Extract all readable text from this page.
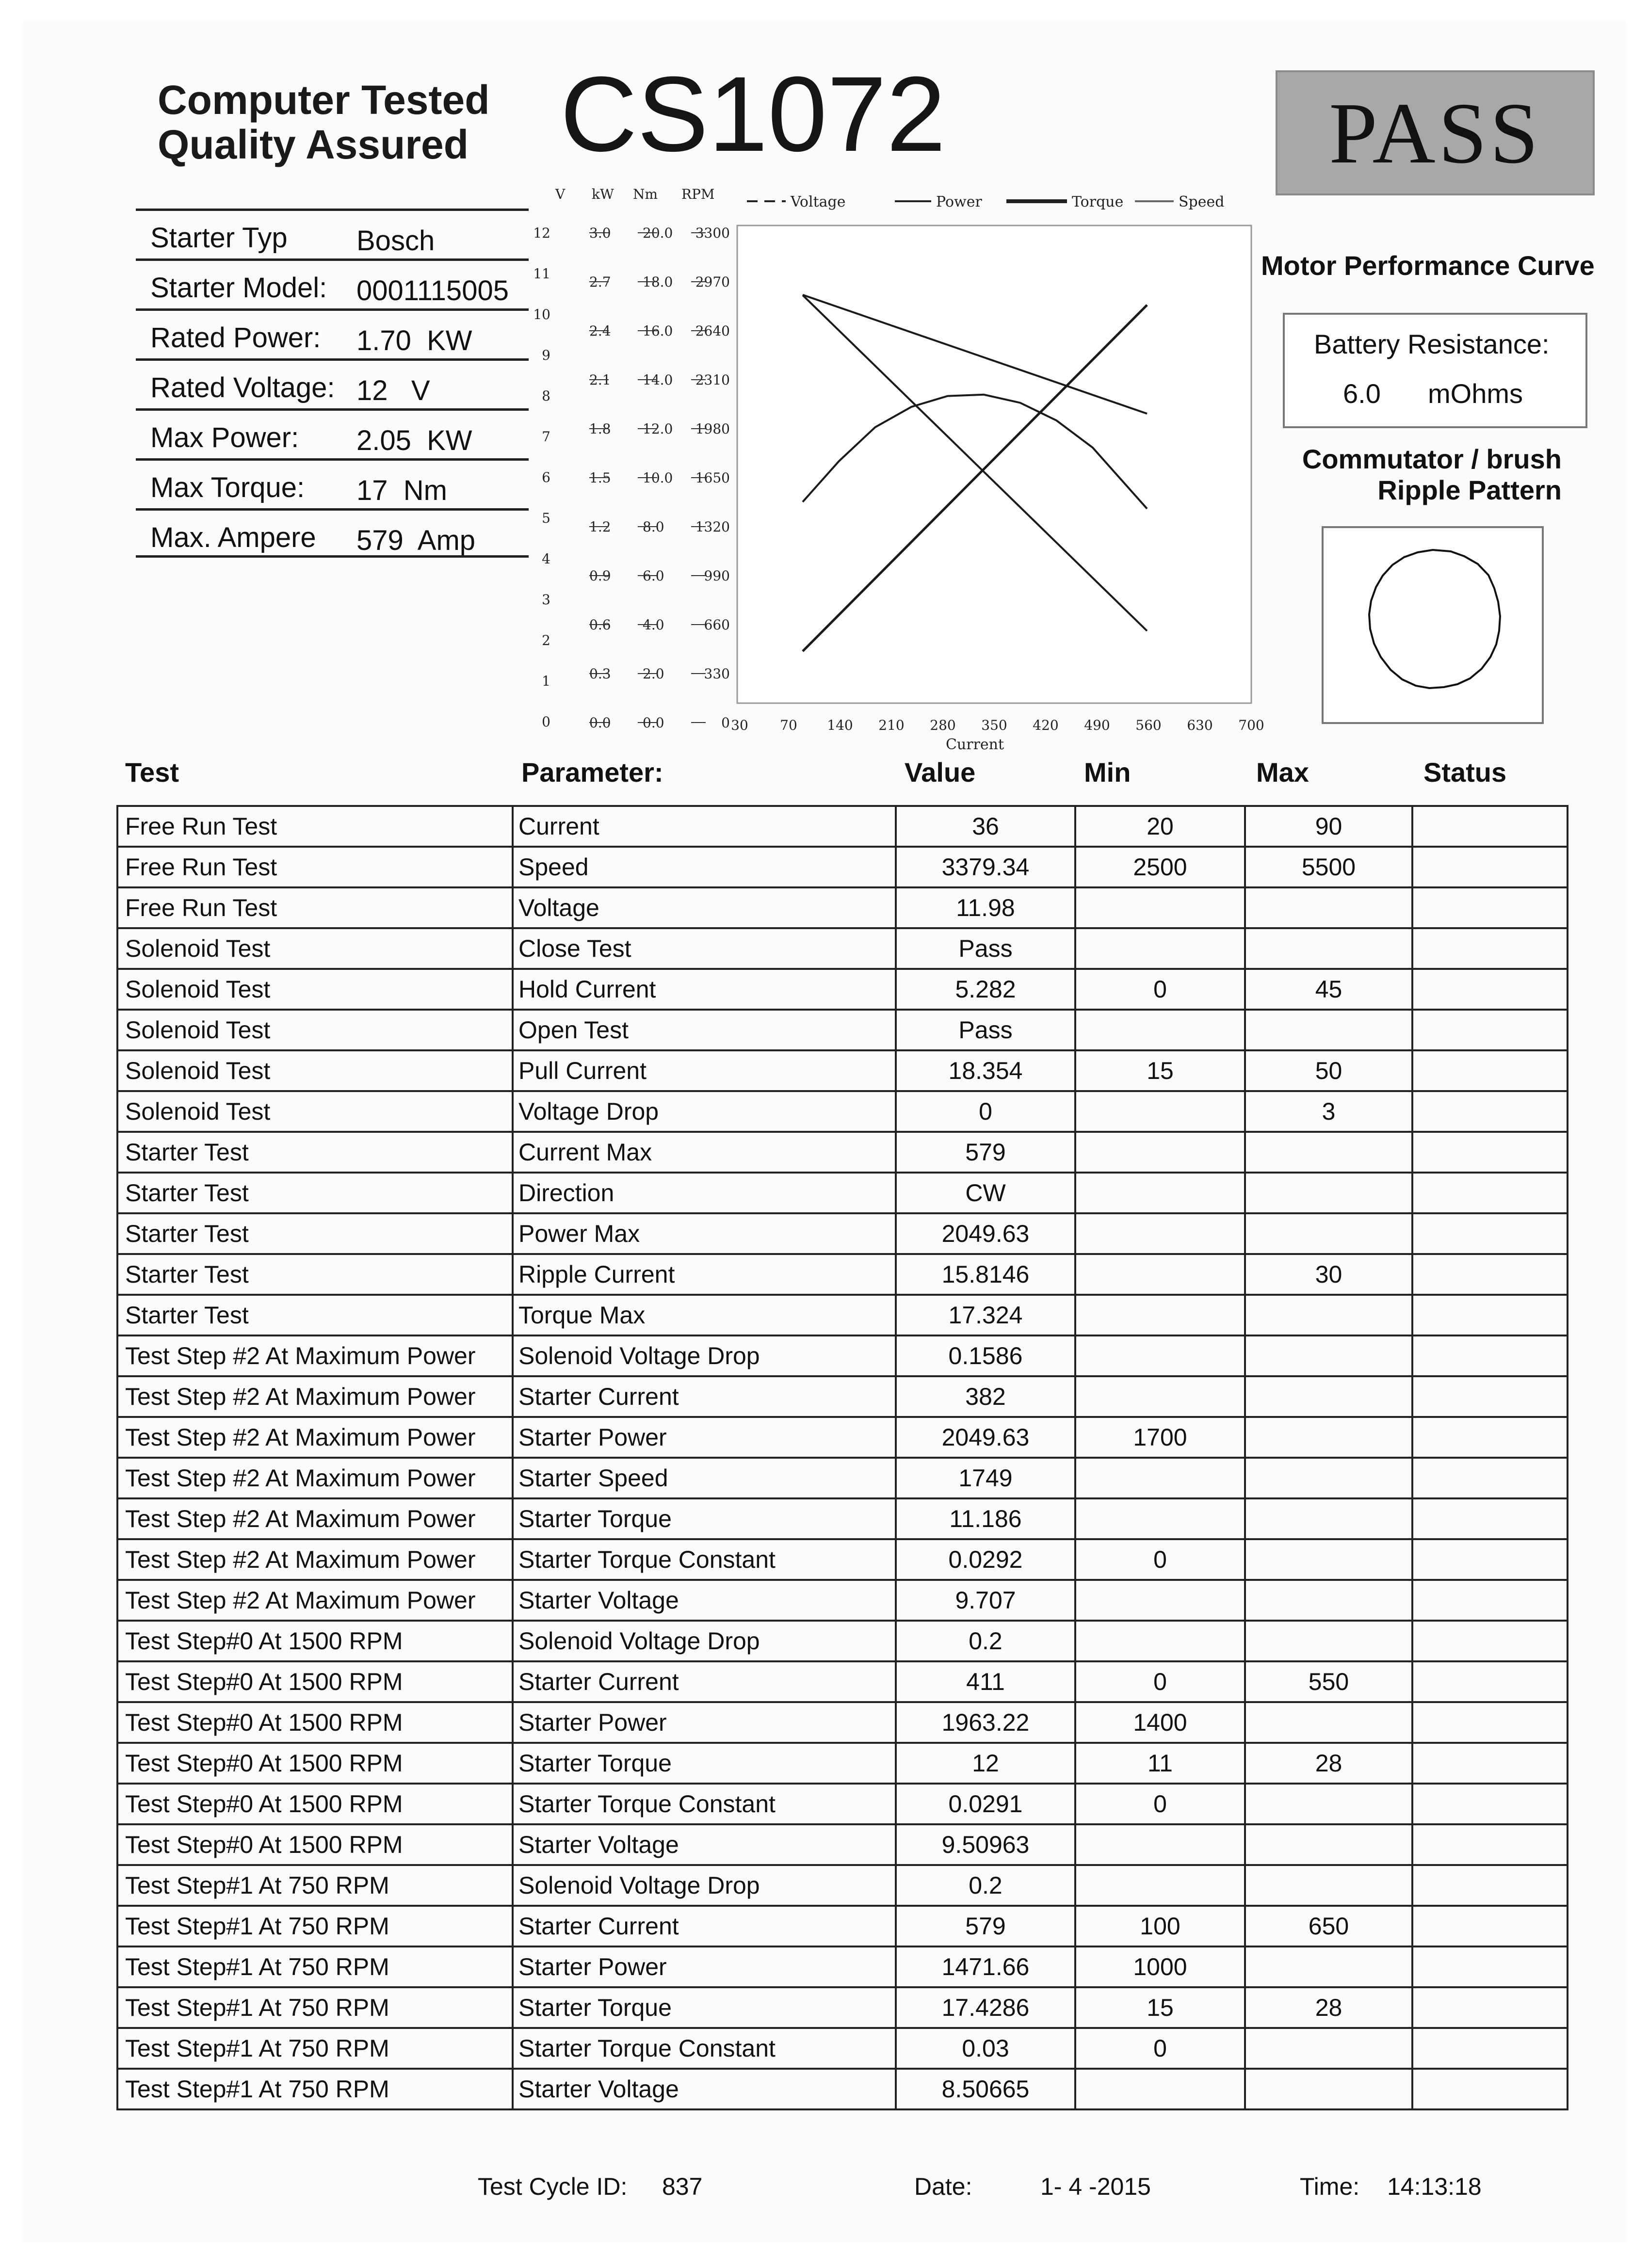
Computer Tested
Quality Assured CS1072	PASS
Starter Typ Bosch
Starter Model: 0001115005
Rated Power: 1.70  KW
Rated Voltage: 12   V
Max Power: 2.05  KW
Max Torque: 17  Nm
Max. Ampere 579  Amp
V kW Nm RPM	Voltage	Power	Torque	Speed
3.0
2.7
2.4
2.1
1.8
1.5
1.2
0.9
0.6
0.3
0.0
20.0
18.0
16.0
14.0
12.0
10.0
8.0
6.0
4.0
2.0
0.0
3300
2970
2640
2310
1980
1650
1320
990
660
330
0
12
11
10
9
8
7
6
5
4
3
2
1
0	30 70 140 210 280 350 420 490 560 630 700
Current
Motor Performance Curve
Battery Resistance:
6.0 mOhms
Commutator / brush
Ripple Pattern
Test	Parameter:	Value	Min	Max	Status
Free Run Test	Current	36	20	90	
Free Run Test	Speed	3379.34	2500	5500	
Free Run Test	Voltage	11.98			
Solenoid Test	Close Test	Pass			
Solenoid Test	Hold Current	5.282	0	45	
Solenoid Test	Open Test	Pass			
Solenoid Test	Pull Current	18.354	15	50	
Solenoid Test	Voltage Drop	0		3	
Starter Test	Current Max	579			
Starter Test	Direction	CW			
Starter Test	Power Max	2049.63			
Starter Test	Ripple Current	15.8146		30	
Starter Test	Torque Max	17.324			
Test Step #2 At Maximum Power	Solenoid Voltage Drop	0.1586			
Test Step #2 At Maximum Power	Starter Current	382			
Test Step #2 At Maximum Power	Starter Power	2049.63	1700		
Test Step #2 At Maximum Power	Starter Speed	1749			
Test Step #2 At Maximum Power	Starter Torque	11.186			
Test Step #2 At Maximum Power	Starter Torque Constant	0.0292	0		
Test Step #2 At Maximum Power	Starter Voltage	9.707			
Test Step#0 At 1500 RPM	Solenoid Voltage Drop	0.2			
Test Step#0 At 1500 RPM	Starter Current	411	0	550	
Test Step#0 At 1500 RPM	Starter Power	1963.22	1400		
Test Step#0 At 1500 RPM	Starter Torque	12	11	28	
Test Step#0 At 1500 RPM	Starter Torque Constant	0.0291	0		
Test Step#0 At 1500 RPM	Starter Voltage	9.50963			
Test Step#1 At 750 RPM	Solenoid Voltage Drop	0.2			
Test Step#1 At 750 RPM	Starter Current	579	100	650	
Test Step#1 At 750 RPM	Starter Power	1471.66	1000		
Test Step#1 At 750 RPM	Starter Torque	17.4286	15	28	
Test Step#1 At 750 RPM	Starter Torque Constant	0.03	0		
Test Step#1 At 750 RPM	Starter Voltage	8.50665			
Test Cycle ID: 837	Date:	1- 4 -2015	Time: 14:13:18
